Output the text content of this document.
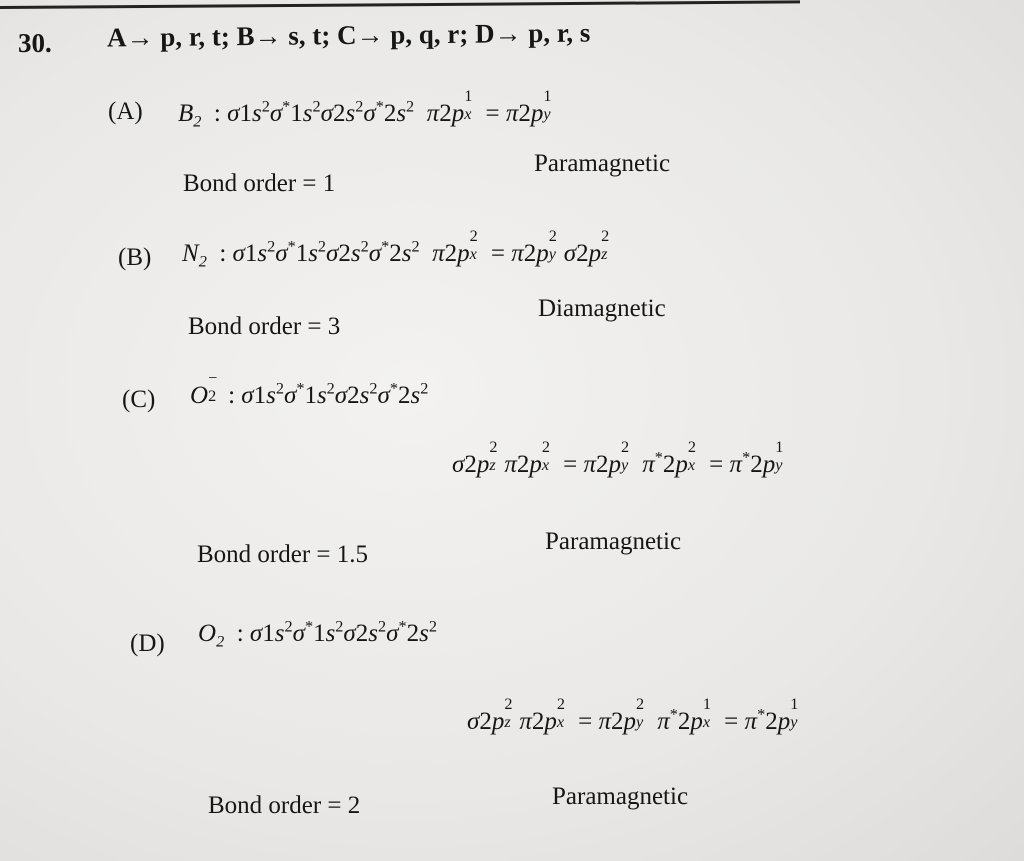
30. A→ p, r, t; B→ s, t; C→ p, q, r; D→ p, r, s
(A) $B_2$  : $\sigma 1s^2\sigma^*1s^2\sigma 2s^2\sigma^*2s^2$  π2p
1
x = π2p
1
y
Bond order = 1
Paramagnetic
(B) $N_2$  : $\sigma 1s^2\sigma^*1s^2\sigma 2s^2\sigma^*2s^2$  π2p
2
x = π2p
2
y σ2p
2
z
Bond order = 3
Diamagnetic
(C) O
−
2 : $\sigma 1s^2\sigma^*1s^2\sigma 2s^2\sigma^*2s^2$
σ2p
2
z π2p
2
x = π2p
2
y π*2p
2
x = π*2p
1
y
Bond order = 1.5	Paramagnetic
(D) $O_2$  : $\sigma 1s^2\sigma^*1s^2\sigma 2s^2\sigma^*2s^2$
σ2p
2
z π2p
2
x = π2p
2
y π*2p
1
x = π*2p
1
y
Bond order = 2	Paramagnetic
